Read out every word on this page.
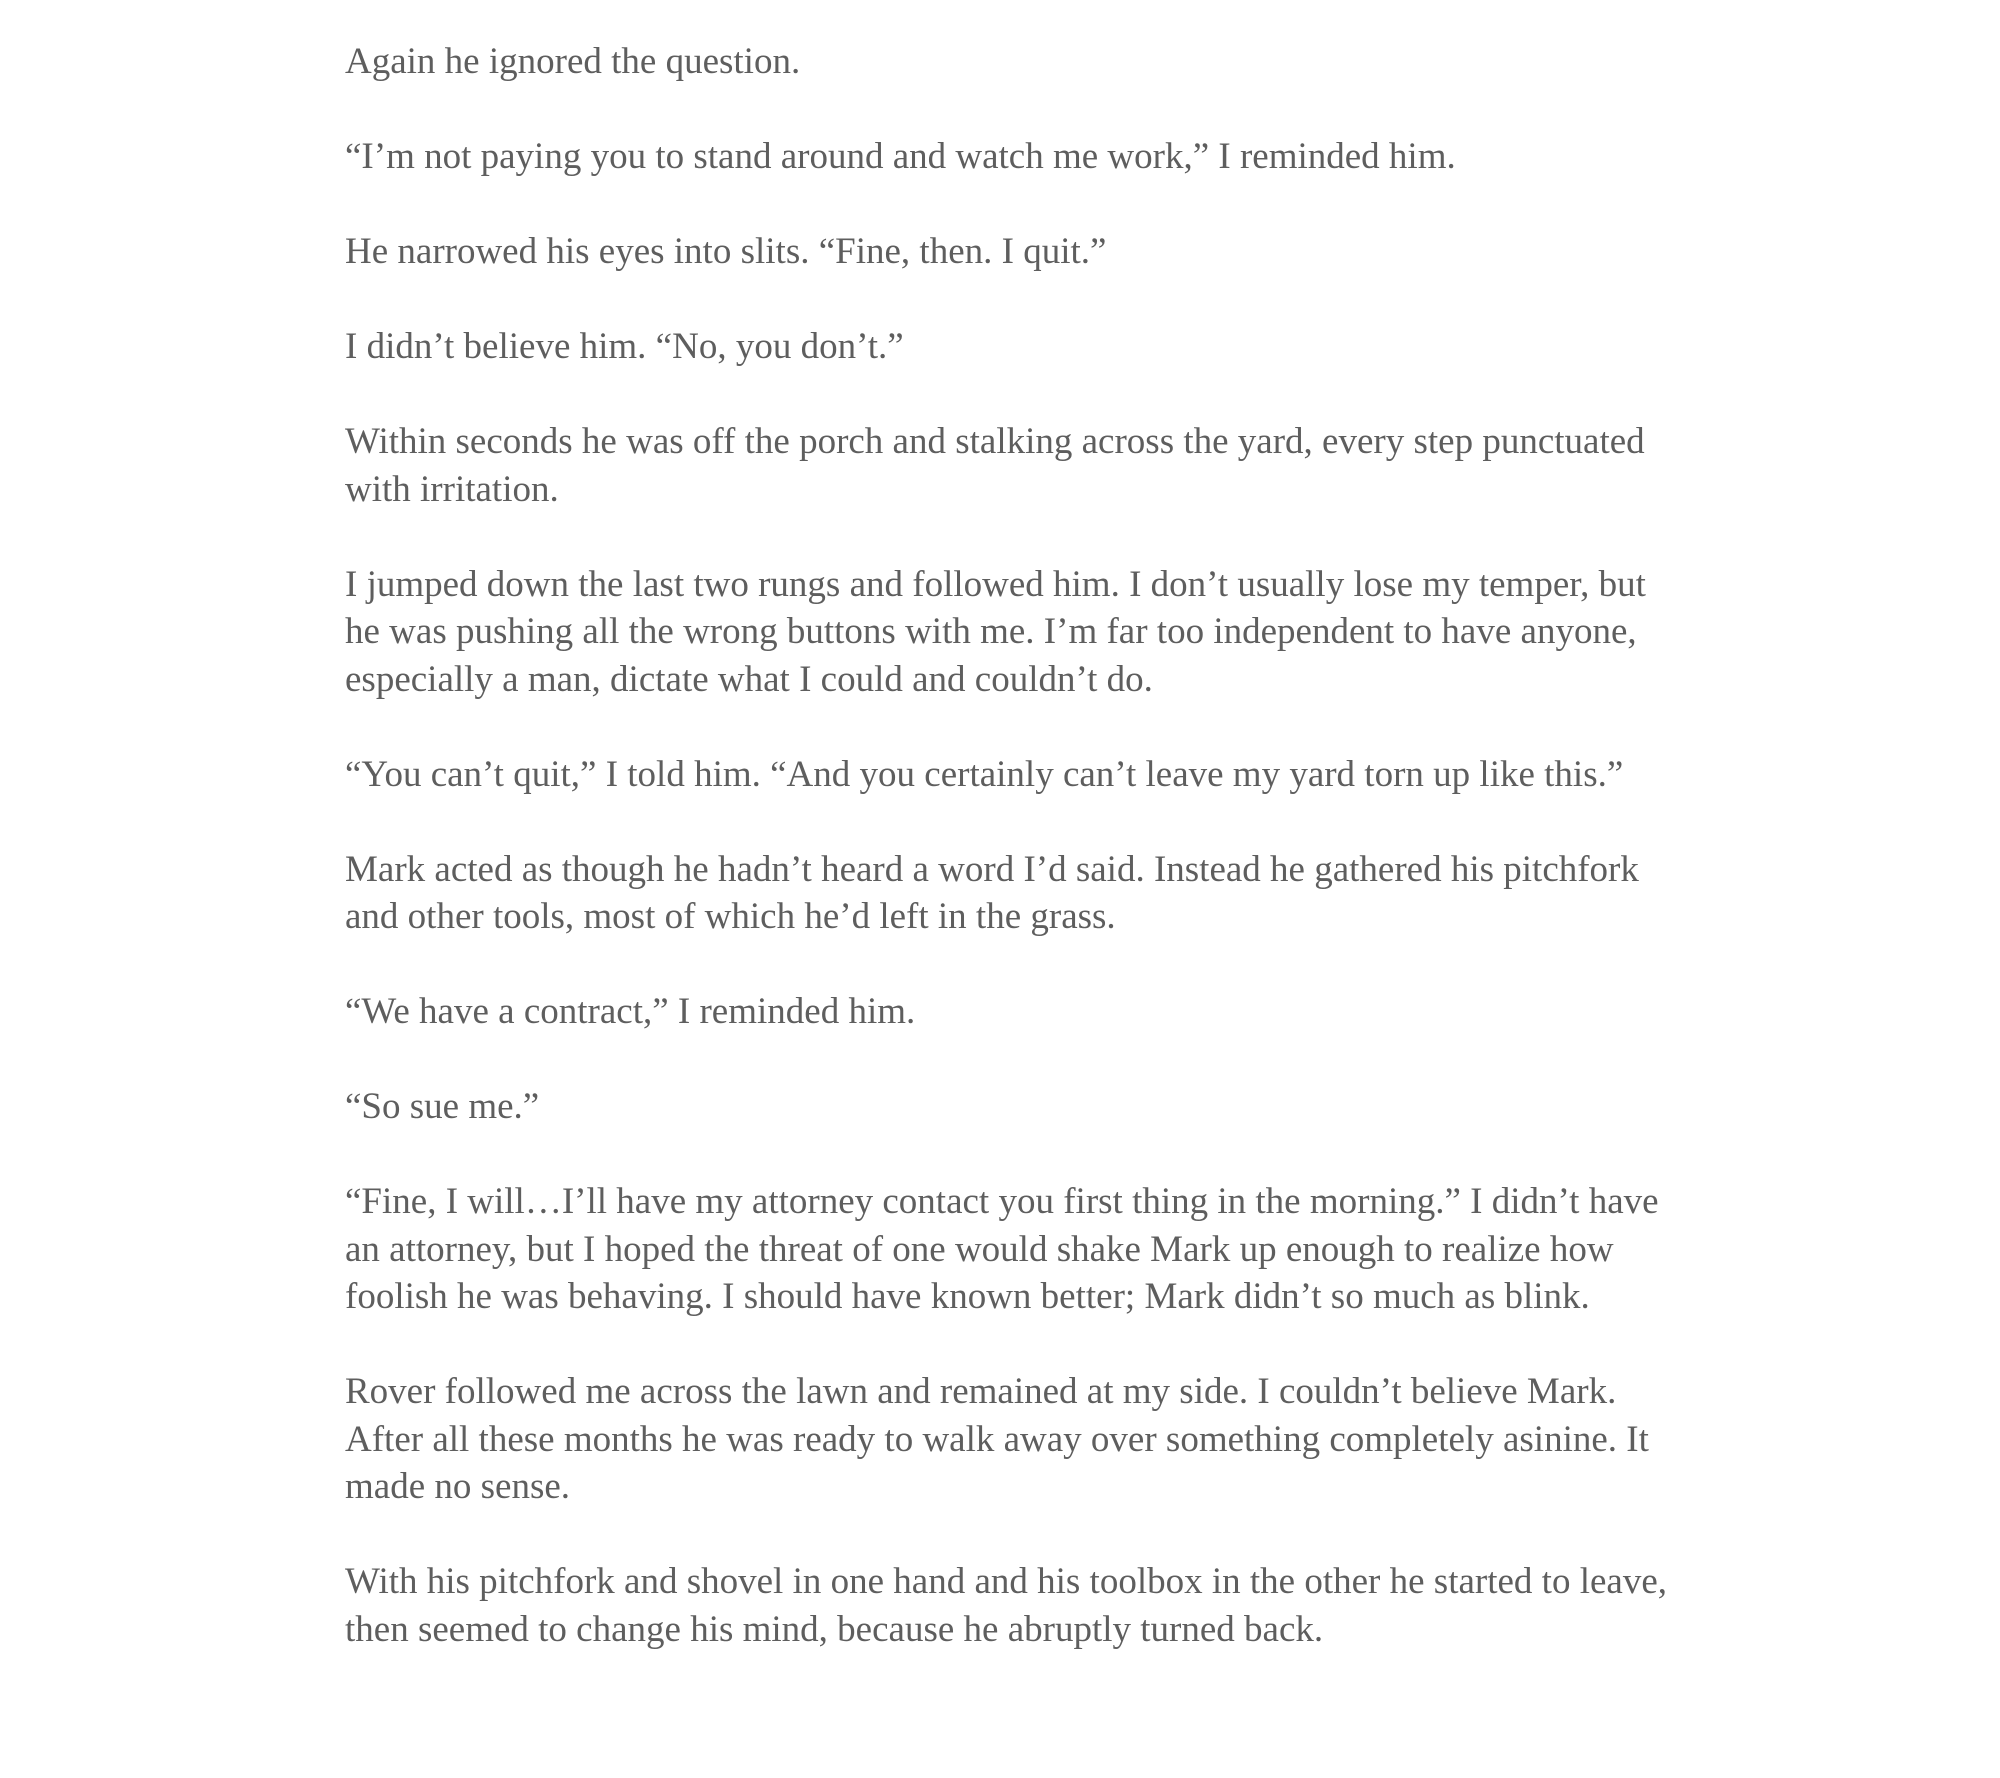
Again he ignored the question.

“I’m not paying you to stand around and watch me work,” I reminded him.

He narrowed his eyes into slits. “Fine, then. I quit.”

I didn’t believe him. “No, you don’t.”

Within seconds he was off the porch and stalking across the yard, every step punctuated with irritation.

I jumped down the last two rungs and followed him. I don’t usually lose my temper, but he was pushing all the wrong buttons with me. I’m far too independent to have anyone, especially a man, dictate what I could and couldn’t do.

“You can’t quit,” I told him. “And you certainly can’t leave my yard torn up like this.”

Mark acted as though he hadn’t heard a word I’d said. Instead he gathered his pitchfork and other tools, most of which he’d left in the grass.

“We have a contract,” I reminded him.

“So sue me.”

“Fine, I will…I’ll have my attorney contact you first thing in the morning.” I didn’t have an attorney, but I hoped the threat of one would shake Mark up enough to realize how foolish he was behaving. I should have known better; Mark didn’t so much as blink.

Rover followed me across the lawn and remained at my side. I couldn’t believe Mark. After all these months he was ready to walk away over something completely asinine. It made no sense.

With his pitchfork and shovel in one hand and his toolbox in the other he started to leave, then seemed to change his mind, because he abruptly turned back.
